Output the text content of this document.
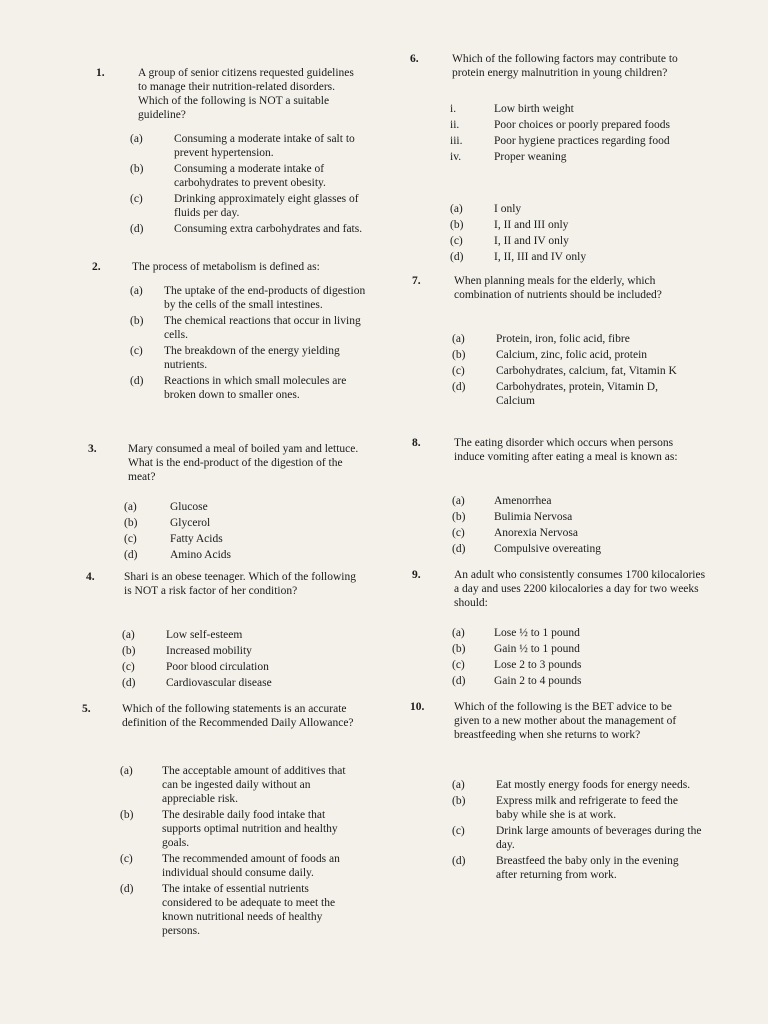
1.	A group of senior citizens requested guidelines to manage their nutrition-related disorders. Which of the following is NOT a suitable guideline?
(a)	Consuming a moderate intake of salt to prevent hypertension.
(b)	Consuming a moderate intake of carbohydrates to prevent obesity.
(c)	Drinking approximately eight glasses of fluids per day.
(d)	Consuming extra carbohydrates and fats.
2.	The process of metabolism is defined as:
(a) The uptake of the end-products of digestion by the cells of the small intestines.
(b) The chemical reactions that occur in living cells.
(c) The breakdown of the energy yielding nutrients.
(d) Reactions in which small molecules are broken down to smaller ones.
3.	Mary consumed a meal of boiled yam and lettuce. What is the end-product of the digestion of the meat?
(a)	Glucose
(b)	Glycerol
(c)	Fatty Acids
(d)	Amino Acids
4.	Shari is an obese teenager. Which of the following is NOT a risk factor of her condition?
(a)	Low self-esteem
(b)	Increased mobility
(c)	Poor blood circulation
(d)	Cardiovascular disease
5.	Which of the following statements is an accurate definition of the Recommended Daily Allowance?
(a)	The acceptable amount of additives that can be ingested daily without an appreciable risk.
(b) The desirable daily food intake that supports optimal nutrition and healthy goals.
(c)	The recommended amount of foods an individual should consume daily.
(d) The intake of essential nutrients considered to be adequate to meet the known nutritional needs of healthy persons.
6.	Which of the following factors may contribute to protein energy malnutrition in young children?
i.	Low birth weight
ii.	Poor choices or poorly prepared foods
iii.	Poor hygiene practices regarding food
iv.	Proper weaning
(a)	I only
(b)	I, II and III only
(c)	I, II and IV only
(d)	I, II, III and IV only
7.	When planning meals for the elderly, which combination of nutrients should be included?
(a)	Protein, iron, folic acid, fibre
(b)	Calcium, zinc, folic acid, protein
(c)	Carbohydrates, calcium, fat, Vitamin K
(d)	Carbohydrates, protein, Vitamin D, Calcium
8.	The eating disorder which occurs when persons induce vomiting after eating a meal is known as:
(a)	Amenorrhea
(b) Bulimia Nervosa
(c)	Anorexia Nervosa
(d) Compulsive overeating
9.	An adult who consistently consumes 1700 kilocalories a day and uses 2200 kilocalories a day for two weeks should:
(a)	Lose ½ to 1 pound
(b) Gain ½ to 1 pound
(c)	Lose 2 to 3 pounds
(d) Gain 2 to 4 pounds
10.	Which of the following is the BET advice to be given to a new mother about the management of breastfeeding when she returns to work?
(a)	Eat mostly energy foods for energy needs.
(b)	Express milk and refrigerate to feed the baby while she is at work.
(c)	Drink large amounts of beverages during the day.
(d)	Breastfeed the baby only in the evening after returning from work.
